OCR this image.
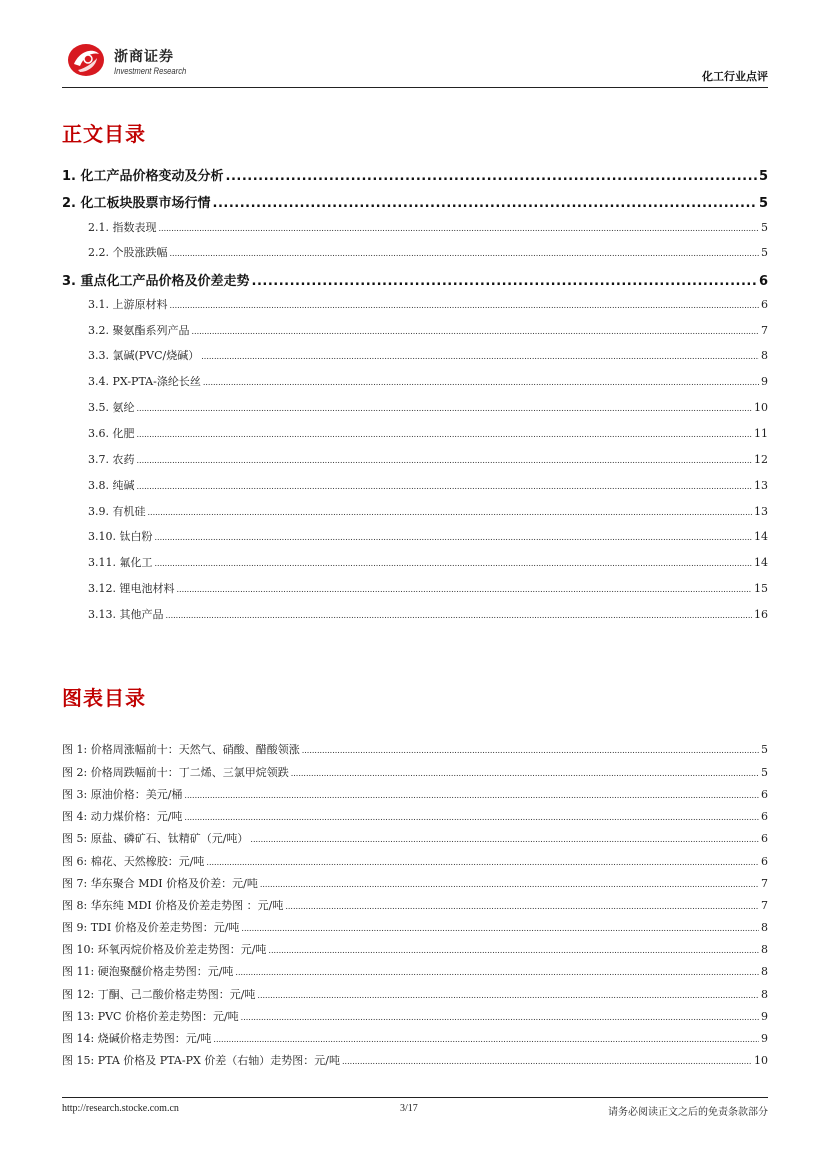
浙商证券
Investment Research	化工行业点评
正文目录
1. 化工产品价格变动及分析 .....	5
2. 化工板块股票市场行情 .....	5
2.1. 指数表现 .....	5
2.2. 个股涨跌幅 .....	5
3. 重点化工产品价格及价差走势 .....	6
3.1. 上游原材料 .....	6
3.2. 聚氨酯系列产品 .....	7
3.3. 氯碱(PVC/烧碱） .....	8
3.4. PX-PTA-涤纶长丝 .....	9
3.5. 氨纶 .....	10
3.6. 化肥 .....	11
3.7. 农药 .....	12
3.8. 纯碱 .....	13
3.9. 有机硅 .....	13
3.10. 钛白粉 .....	14
3.11. 氟化工 .....	14
3.12. 锂电池材料 .....	15
3.13. 其他产品 .....	16
图表目录
图 1: 价格周涨幅前十：天然气、硝酸、醋酸领涨 .....	5
图 2: 价格周跌幅前十：丁二烯、三氯甲烷领跌 .....	5
图 3: 原油价格：美元/桶 .....	6
图 4: 动力煤价格：元/吨 .....	6
图 5: 原盐、磷矿石、钛精矿（元/吨） .....	6
图 6: 棉花、天然橡胶：元/吨 .....	6
图 7: 华东聚合 MDI 价格及价差：元/吨 .....	7
图 8: 华东纯 MDI 价格及价差走势图 ：元/吨 .....	7
图 9: TDI 价格及价差走势图：元/吨 .....	8
图 10: 环氧丙烷价格及价差走势图：元/吨 .....	8
图 11: 硬泡聚醚价格走势图：元/吨 .....	8
图 12: 丁酮、己二酸价格走势图：元/吨 .....	8
图 13: PVC 价格价差走势图：元/吨 .....	9
图 14: 烧碱价格走势图：元/吨 .....	9
图 15: PTA 价格及 PTA-PX 价差（右轴）走势图：元/吨 .....	10
http://research.stocke.com.cn	3/17	请务必阅读正文之后的免责条款部分
